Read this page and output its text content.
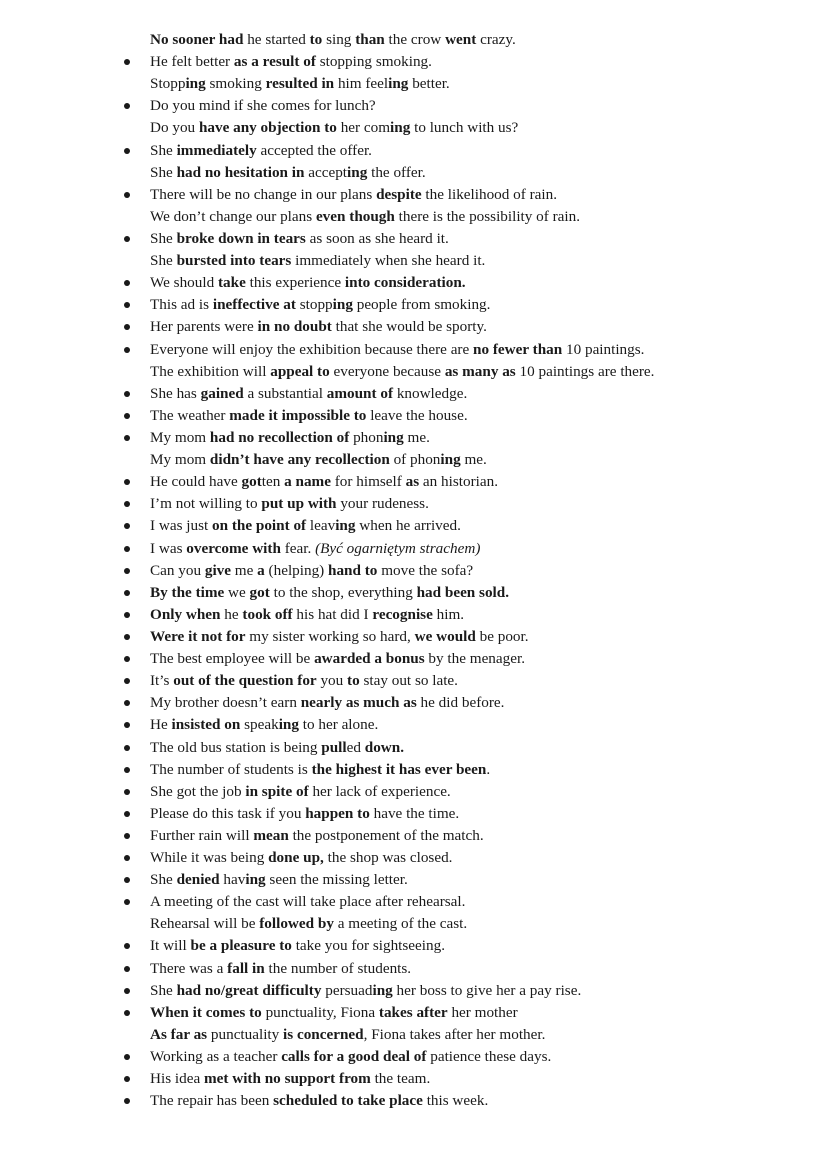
No sooner had he started to sing than the crow went crazy.
He felt better as a result of stopping smoking.
Stopping smoking resulted in him feeling better.
Do you mind if she comes for lunch?
Do you have any objection to her coming to lunch with us?
She immediately accepted the offer.
She had no hesitation in accepting the offer.
There will be no change in our plans despite the likelihood of rain.
We don’t change our plans even though there is the possibility of rain.
She broke down in tears as soon as she heard it.
She bursted into tears immediately when she heard it.
We should take this experience into consideration.
This ad is ineffective at stopping people from smoking.
Her parents were in no doubt that she would be sporty.
Everyone will enjoy the exhibition because there are no fewer than 10 paintings.
The exhibition will appeal to everyone because as many as 10 paintings are there.
She has gained a substantial amount of knowledge.
The weather made it impossible to leave the house.
My mom had no recollection of phoning me.
My mom didn’t have any recollection of phoning me.
He could have gotten a name for himself as an historian.
I’m not willing to put up with your rudeness.
I was just on the point of leaving when he arrived.
I was overcome with fear. (Być ogarniętym strachem)
Can you give me a (helping) hand to move the sofa?
By the time we got to the shop, everything had been sold.
Only when he took off his hat did I recognise him.
Were it not for my sister working so hard, we would be poor.
The best employee will be awarded a bonus by the menager.
It’s out of the question for you to stay out so late.
My brother doesn’t earn nearly as much as he did before.
He insisted on speaking to her alone.
The old bus station is being pulled down.
The number of students is the highest it has ever been.
She got the job in spite of her lack of experience.
Please do this task if you happen to have the time.
Further rain will mean the postponement of the match.
While it was being done up, the shop was closed.
She denied having seen the missing letter.
A meeting of the cast will take place after rehearsal.
Rehearsal will be followed by a meeting of the cast.
It will be a pleasure to take you for sightseeing.
There was a fall in the number of students.
She had no/great difficulty persuading her boss to give her a pay rise.
When it comes to punctuality, Fiona takes after her mother
As far as punctuality is concerned, Fiona takes after her mother.
Working as a teacher calls for a good deal of patience these days.
His idea met with no support from the team.
The repair has been scheduled to take place this week.
